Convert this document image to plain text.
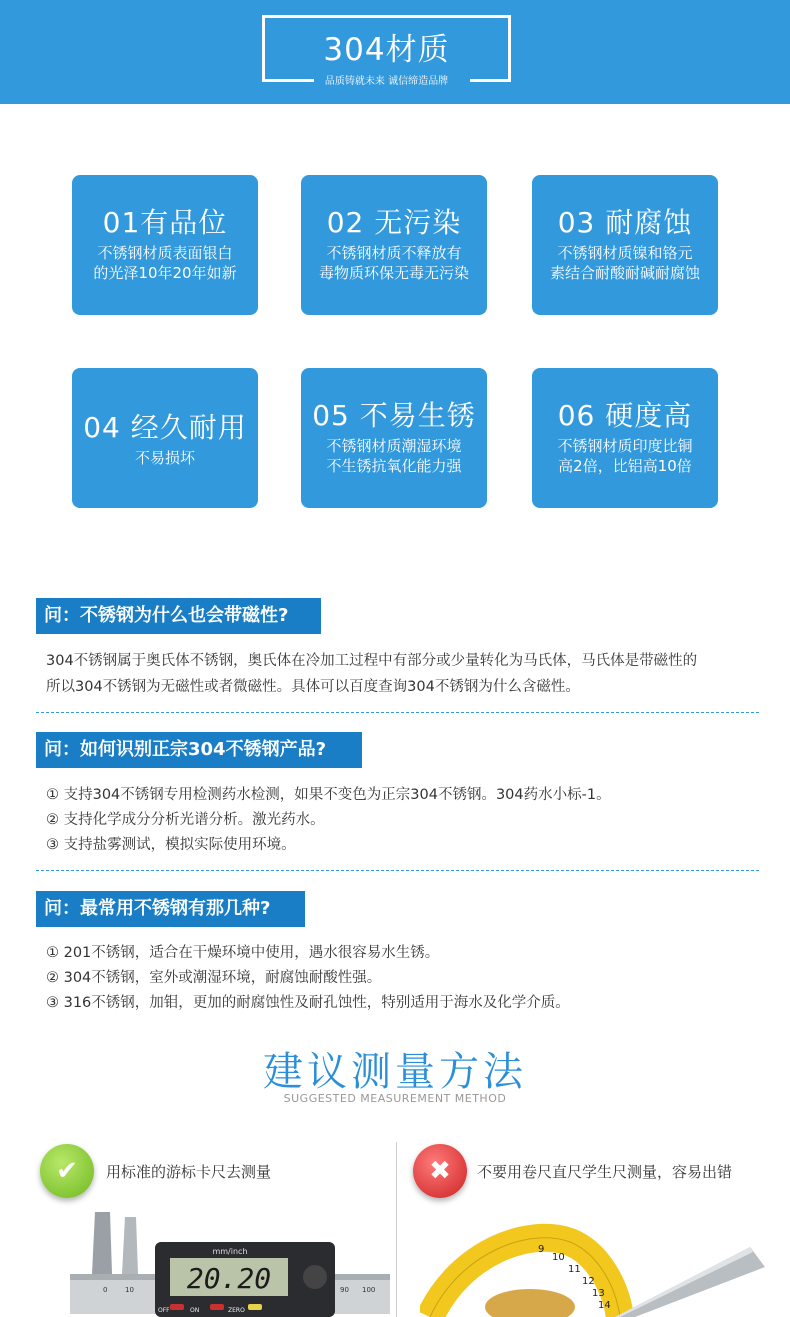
304材质
品质铸就未来 诚信缔造品牌
01有品位
不锈钢材质表面银白
的光泽10年20年如新
02 无污染
不锈钢材质不释放有
毒物质环保无毒无污染
03 耐腐蚀
不锈钢材质镍和铬元
素结合耐酸耐碱耐腐蚀
04 经久耐用
不易损坏
05 不易生锈
不锈钢材质潮湿环境
不生锈抗氧化能力强
06 硬度高
不锈钢材质印度比铜
高2倍，比铝高10倍
问：不锈钢为什么也会带磁性?
304不锈钢属于奥氏体不锈钢，奥氏体在冷加工过程中有部分或少量转化为马氏体，马氏体是带磁性的
所以304不锈钢为无磁性或者微磁性。具体可以百度查询304不锈钢为什么含磁性。
问：如何识别正宗304不锈钢产品?
① 支持304不锈钢专用检测药水检测，如果不变色为正宗304不锈钢。304药水小标-1。
② 支持化学成分分析光谱分析。激光药水。
③ 支持盐雾测试，模拟实际使用环境。
问：最常用不锈钢有那几种?
① 201不锈钢，适合在干燥环境中使用，遇水很容易水生锈。
② 304不锈钢，室外或潮湿环境，耐腐蚀耐酸性强。
③ 316不锈钢，加钼，更加的耐腐蚀性及耐孔蚀性，特别适用于海水及化学介质。
建议测量方法
SUGGESTED MEASUREMENT METHOD
✔	用标准的游标卡尺去测量	✖	不要用卷尺直尺学生尺测量，容易出错
mm/inch
20.20
OFF	ON	ZERO
0	10	90 100
9
10
11
12
13
14
